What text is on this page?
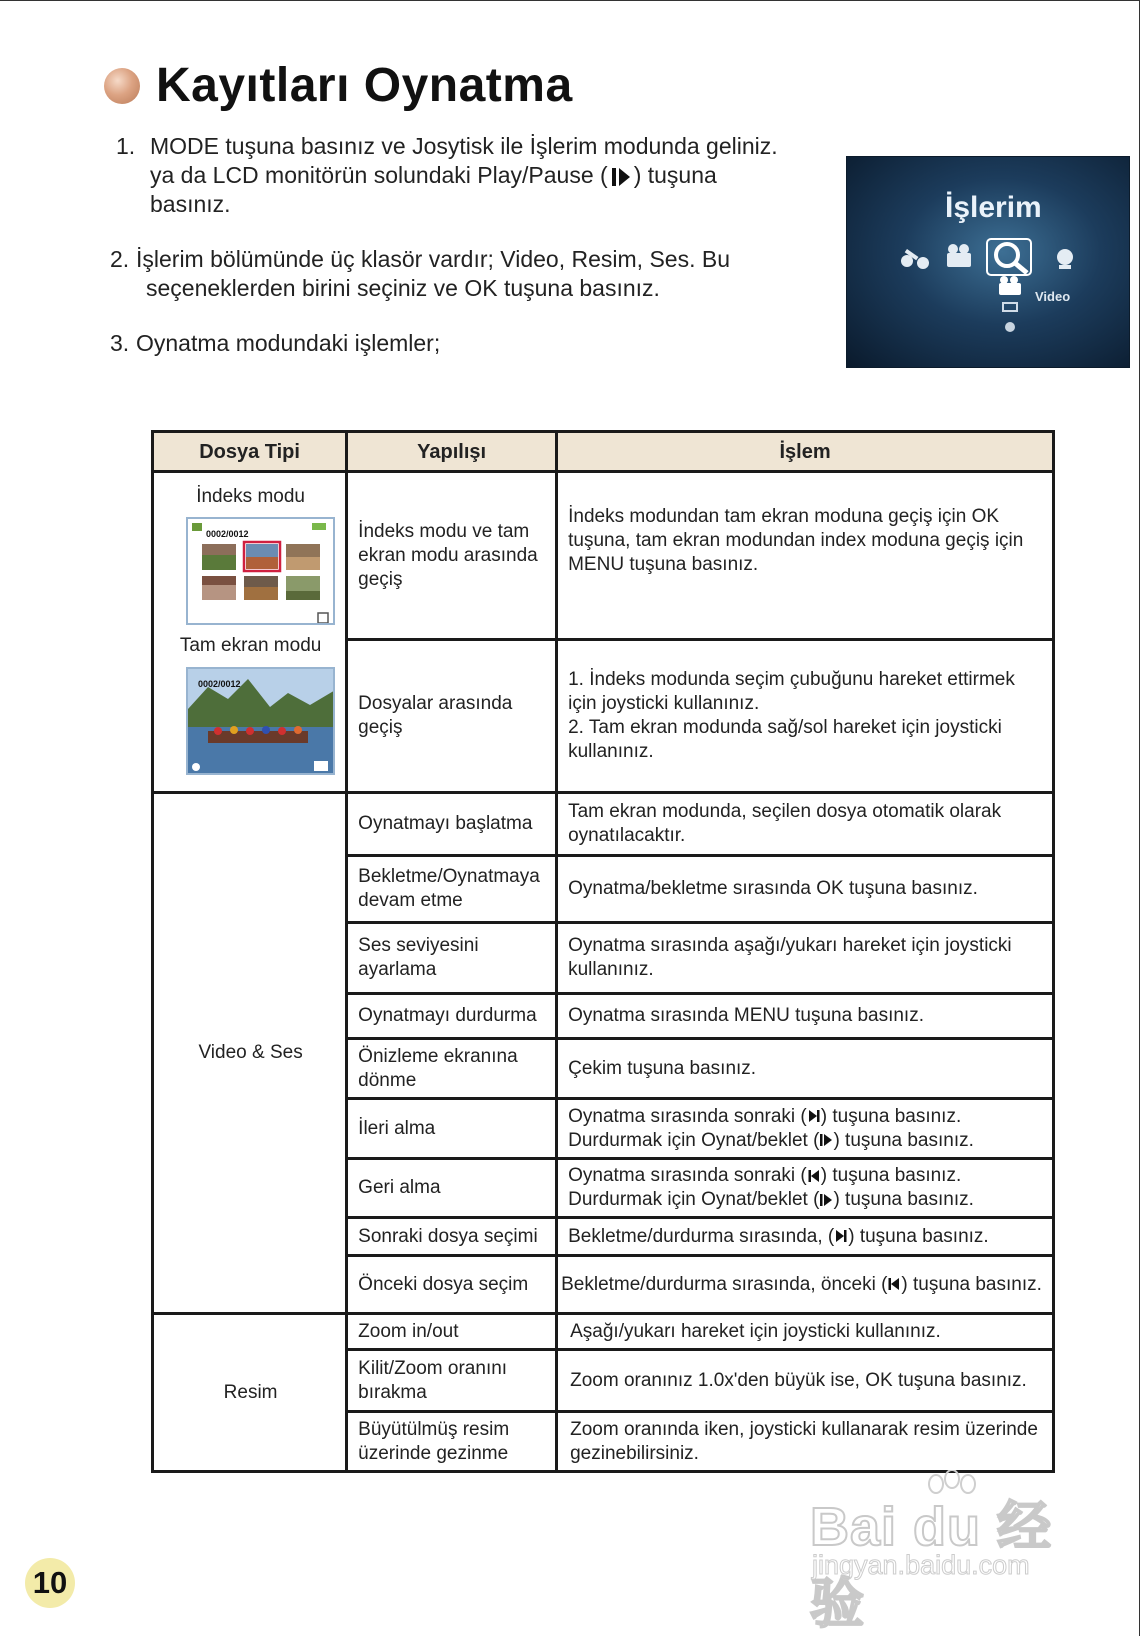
Kayıtları Oynatma
1. MODE tuşuna basınız ve Josytisk ile İşlerim modunda geliniz.
ya da LCD monitörün solundaki Play/Pause ( ) tuşuna
basınız.
2. İşlerim bölümünde üç klasör vardır; Video, Resim, Ses. Bu
seçeneklerden birini seçiniz ve OK tuşuna basınız.
3. Oynatma modundaki işlemler;
İşlerim
Video
Dosya Tipi	Yapılışı	İşlem

İndeks modu
0002/0012
Tam ekran modu
0002/0012	İndeks modu ve tam ekran modu arasında geçiş	İndeks modundan tam ekran moduna geçiş için OK tuşuna, tam ekran modundan index moduna geçiş için MENU tuşuna basınız.
	Dosyalar arasında geçiş	1. İndeks modunda seçim çubuğunu hareket ettirmek için joysticki kullanınız.
2. Tam ekran modunda sağ/sol hareket için joysticki kullanınız.

Video & Ses	Oynatmayı başlatma	Tam ekran modunda, seçilen dosya otomatik olarak oynatılacaktır.
	Bekletme/Oynatmaya devam etme	Oynatma/bekletme sırasında OK tuşuna basınız.
	Ses seviyesini ayarlama	Oynatma sırasında aşağı/yukarı hareket için joysticki kullanınız.
	Oynatmayı durdurma	Oynatma sırasında MENU tuşuna basınız.
	Önizleme ekranına dönme	Çekim tuşuna basınız.
	İleri alma	Oynatma sırasında sonraki ( ) tuşuna basınız.
Durdurmak için Oynat/beklet ( ) tuşuna basınız.

	Geri alma	Oynatma sırasında sonraki ( ) tuşuna basınız.
Durdurmak için Oynat/beklet ( ) tuşuna basınız.

	Sonraki dosya seçimi	Bekletme/durdurma sırasında, ( ) tuşuna basınız.
	Önceki dosya seçim	Bekletme/durdurma sırasında, önceki ( ) tuşuna basınız.
Resim	Zoom in/out	Aşağı/yukarı hareket için joysticki kullanınız.
	Kilit/Zoom oranını bırakma	Zoom oranınız 1.0x'den büyük ise, OK tuşuna basınız.
	Büyütülmüş resim üzerinde gezinme	Zoom oranında iken, joysticki kullanarak resim üzerinde gezinebilirsiniz.
Bai du 经验
jingyan.baidu.com
10
